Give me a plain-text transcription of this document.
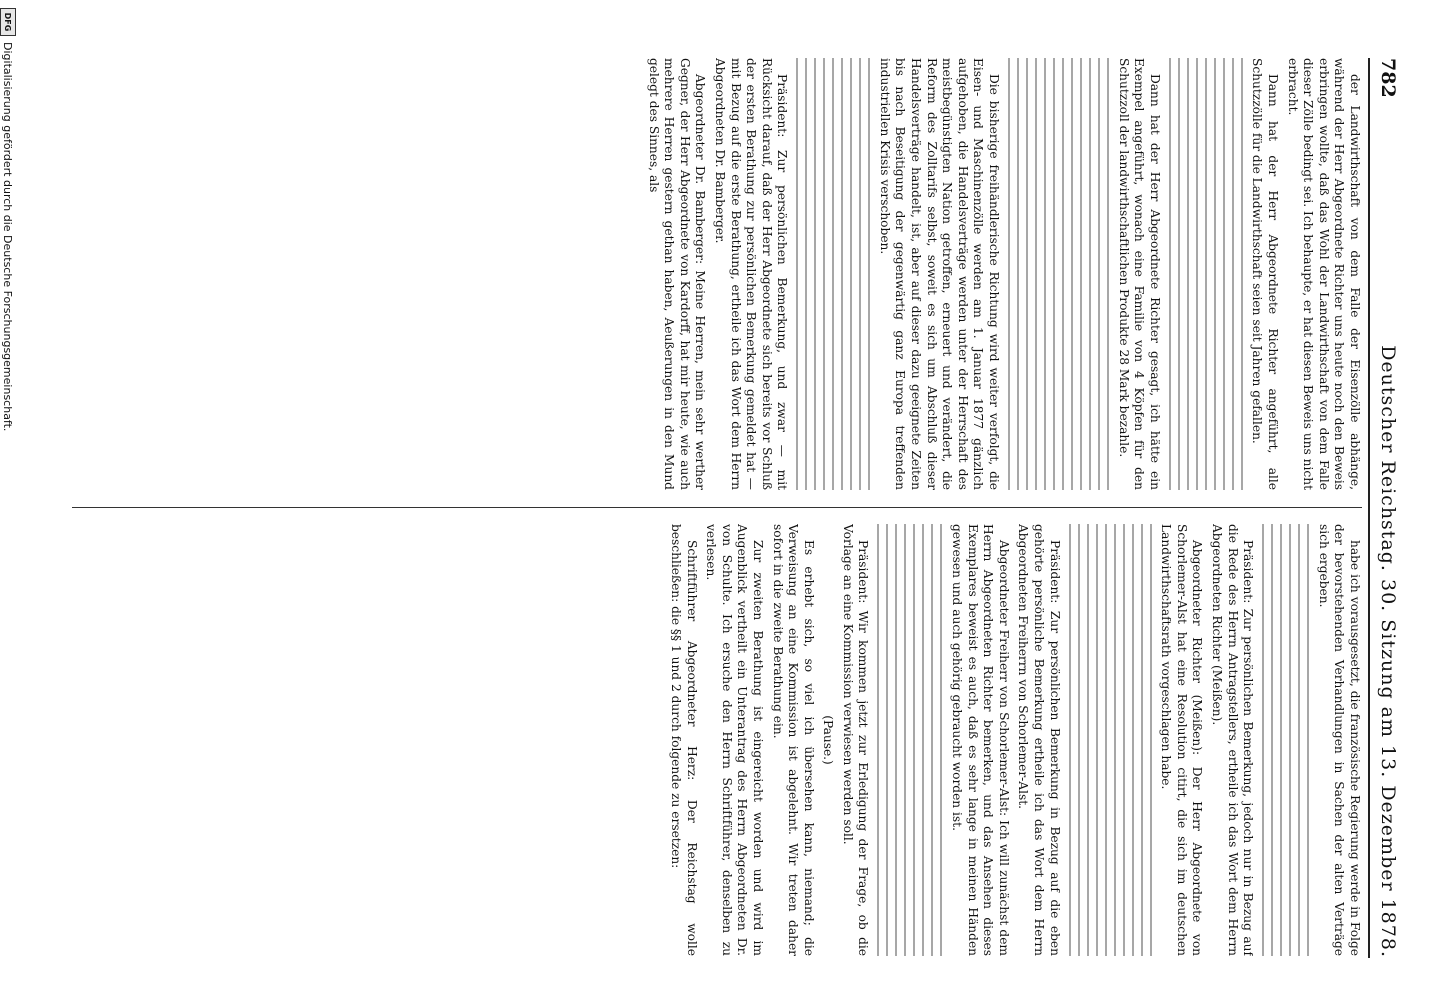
782
Deutscher Reichstag. 30. Sitzung am 13. Dezember 1878.

der Landwirthschaft von dem Falle der Eisenzölle abhänge, während der Herr Abgeordnete Richter uns heute noch den Beweis erbringen wollte, daß das Wohl der Landwirthschaft von dem Falle dieser Zölle bedingt sei. Ich behaupte, er hat diesen Beweis uns nicht erbracht.

Dann hat der Herr Abgeordnete Richter angeführt, alle Schutzzölle für die Landwirthschaft seien seit Jahren gefallen.

Dann hat der Herr Abgeordnete Richter gesagt, ich hätte ein Exempel angeführt, wonach eine Familie von 4 Köpfen für den Schutzzoll der landwirthschaftlichen Produkte 28 Mark bezahle.

Die bisherige freihändlerische Richtung wird weiter verfolgt, die Eisen- und Maschinenzölle werden am 1. Januar 1877 gänzlich aufgehoben, die Handelsverträge werden unter der Herrschaft des meistbegünstigten Nation getroffen, erneuert und verändert, die Reform des Zolltarifs selbst, soweit es sich um Abschluß dieser Handelsverträge handelt, ist, aber auf dieser dazu geeignete Zeiten bis nach Beseitigung der gegenwärtig ganz Europa treffenden industriellen Krisis verschoben.

Präsident: Zur persönlichen Bemerkung, und zwar — mit Rücksicht darauf, daß der Herr Abgeordnete sich bereits vor Schluß der ersten Berathung zur persönlichen Bemerkung gemeldet hat — mit Bezug auf die erste Berathung, ertheile ich das Wort dem Herrn Abgeordneten Dr. Bamberger.

Abgeordneter Dr. Bamberger: Meine Herren, mein sehr werther Gegner, der Herr Abgeordnete von Kardorff, hat mir heute, wie auch mehrere Herren gestern gethan haben, Aeußerungen in den Mund gelegt des Sinnes, als

habe ich vorausgesetzt, die französische Regierung werde in Folge der bevorstehenden Verhandlungen in Sachen der alten Verträge sich ergeben.

Präsident: Zur persönlichen Bemerkung, jedoch nur in Bezug auf die Rede des Herrn Antragstellers, ertheile ich das Wort dem Herrn Abgeordneten Richter (Meißen).

Abgeordneter Richter (Meißen): Der Herr Abgeordnete von Schorlemer-Alst hat eine Resolution citirt, die sich im deutschen Landwirthschaftsrath vorgeschlagen habe.

Präsident: Zur persönlichen Bemerkung in Bezug auf die eben gehörte persönliche Bemerkung ertheile ich das Wort dem Herrn Abgeordneten Freiherrn von Schorlemer-Alst.

Abgeordneter Freiherr von Schorlemer-Alst: Ich will zunächst dem Herrn Abgeordneten Richter bemerken, und das Ansehen dieses Exemplares beweist es auch, daß es sehr lange in meinen Händen gewesen und auch gehörig gebraucht worden ist.

Präsident: Wir kommen jetzt zur Erledigung der Frage, ob die Vorlage an eine Kommission verwiesen werden soll.

(Pause.)

Es erhebt sich, so viel ich übersehen kann, niemand; die Verweisung an eine Kommission ist abgelehnt. Wir treten daher sofort in die zweite Berathung ein.

Zur zweiten Berathung ist eingereicht worden und wird im Augenblick vertheilt ein Unterantrag des Herrn Abgeordneten Dr. von Schulte. Ich ersuche den Herrn Schriftführer, denselben zu verlesen.

Schriftführer Abgeordneter Herz: Der Reichstag wolle beschließen: die §§ 1 und 2 durch folgende zu ersetzen:

DFG
Digitalisierung gefördert durch die Deutsche Forschungsgemeinschaft.
